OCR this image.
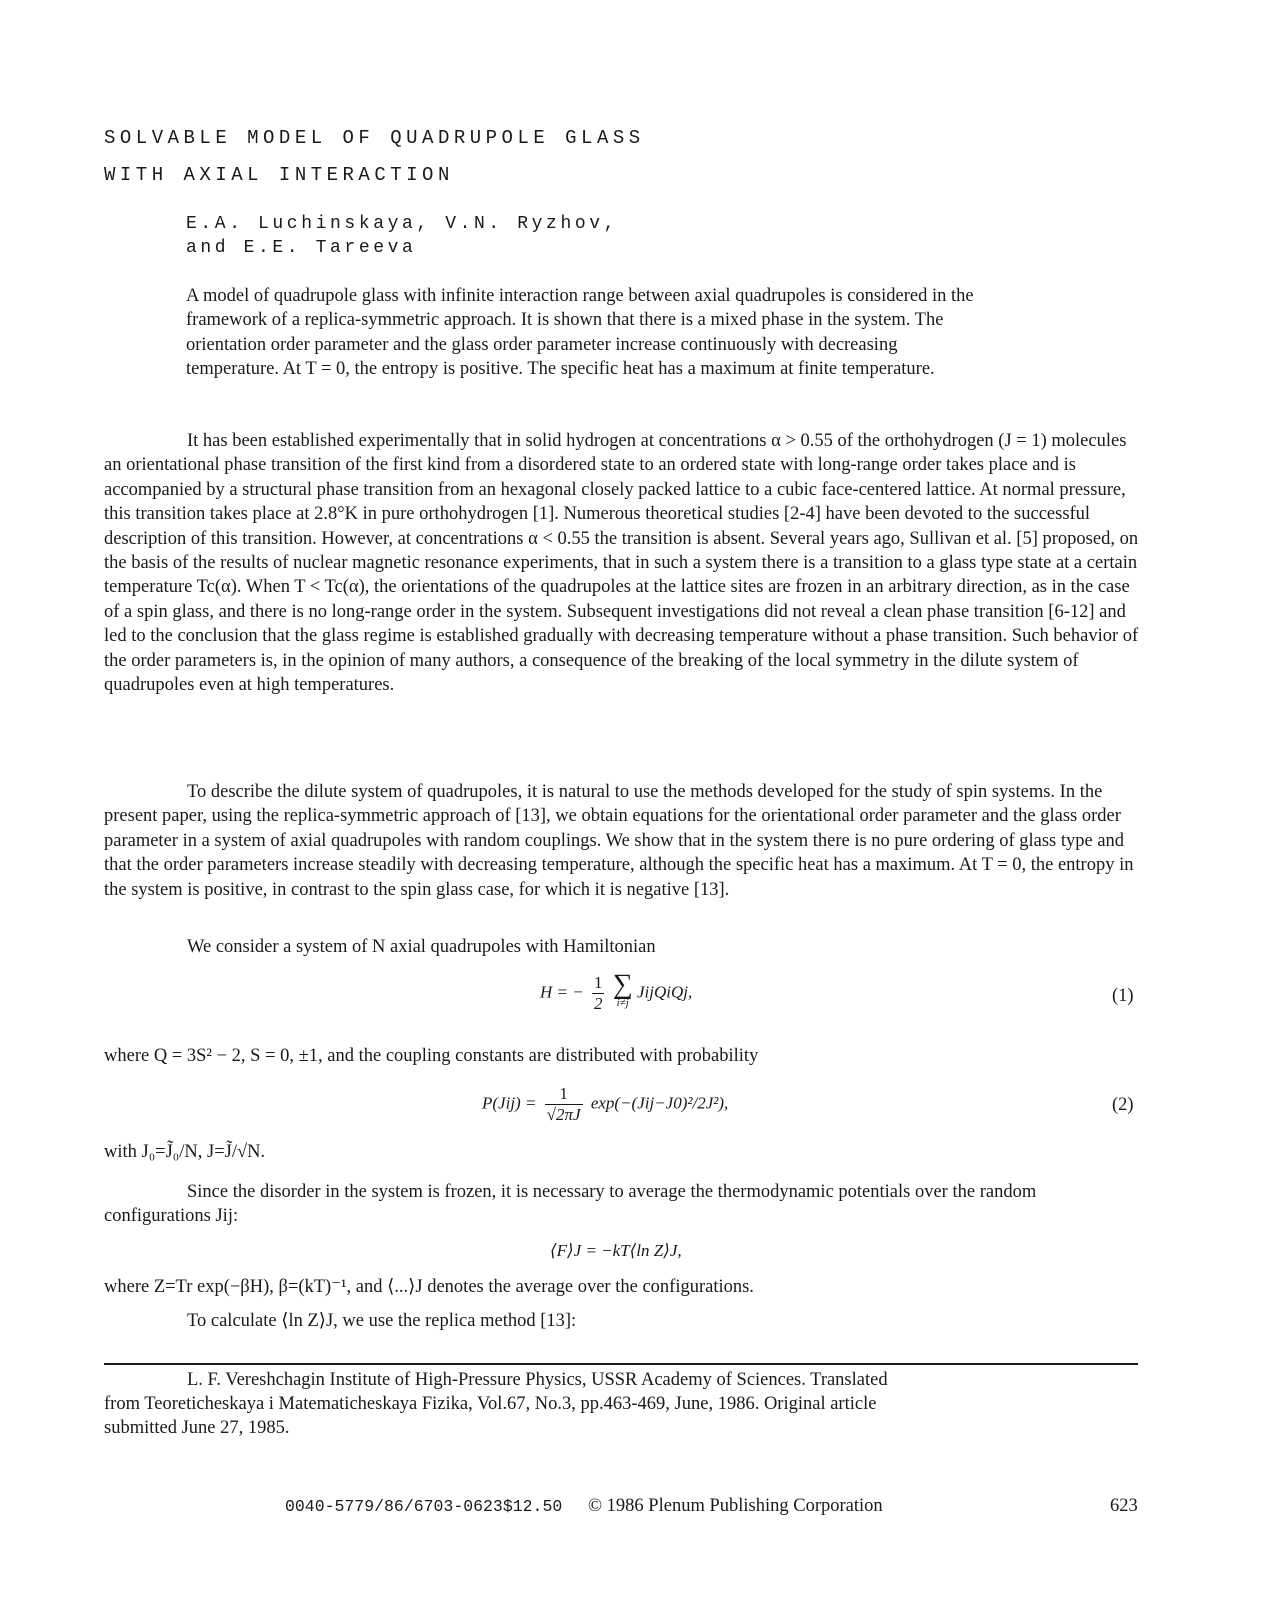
SOLVABLE MODEL OF QUADRUPOLE GLASS
WITH AXIAL INTERACTION
E.A. Luchinskaya, V.N. Ryzhov,
and E.E. Tareeva
A model of quadrupole glass with infinite interaction range between axial quadrupoles is considered in the framework of a replica-symmetric approach. It is shown that there is a mixed phase in the system. The orientation order parameter and the glass order parameter increase continuously with decreasing temperature. At T = 0, the entropy is positive. The specific heat has a maximum at finite temperature.
It has been established experimentally that in solid hydrogen at concentrations α > 0.55 of the orthohydrogen (J = 1) molecules an orientational phase transition of the first kind from a disordered state to an ordered state with long-range order takes place and is accompanied by a structural phase transition from an hexagonal closely packed lattice to a cubic face-centered lattice. At normal pressure, this transition takes place at 2.8°K in pure orthohydrogen [1]. Numerous theoretical studies [2-4] have been devoted to the successful description of this transition. However, at concentrations α < 0.55 the transition is absent. Several years ago, Sullivan et al. [5] proposed, on the basis of the results of nuclear magnetic resonance experiments, that in such a system there is a transition to a glass type state at a certain temperature Tc(α). When T < Tc(α), the orientations of the quadrupoles at the lattice sites are frozen in an arbitrary direction, as in the case of a spin glass, and there is no long-range order in the system. Subsequent investigations did not reveal a clean phase transition [6-12] and led to the conclusion that the glass regime is established gradually with decreasing temperature without a phase transition. Such behavior of the order parameters is, in the opinion of many authors, a consequence of the breaking of the local symmetry in the dilute system of quadrupoles even at high temperatures.
To describe the dilute system of quadrupoles, it is natural to use the methods developed for the study of spin systems. In the present paper, using the replica-symmetric approach of [13], we obtain equations for the orientational order parameter and the glass order parameter in a system of axial quadrupoles with random couplings. We show that in the system there is no pure ordering of glass type and that the order parameters increase steadily with decreasing temperature, although the specific heat has a maximum. At T = 0, the entropy in the system is positive, in contrast to the spin glass case, for which it is negative [13].
We consider a system of N axial quadrupoles with Hamiltonian
H = − $\frac{1}{2}$
∑
i≠j
JijQiQj,	(1)
where Q = 3S² − 2, S = 0, ±1, and the coupling constants are distributed with probability
$P(Jij) = \frac{1}{√2\pi J} \exp(-(Jij-J0)^2/2J^2)$,	(2)
with J₀=J̃₀/N, J=J̃/√N.
Since the disorder in the system is frozen, it is necessary to average the thermodynamic potentials over the random configurations Jij:
⟨F⟩J = −kT⟨ln Z⟩J,
where Z=Tr exp(−βH), β=(kT)⁻¹, and ⟨...⟩J denotes the average over the configurations.
To calculate ⟨ln Z⟩J, we use the replica method [13]:
L. F. Vereshchagin Institute of High-Pressure Physics, USSR Academy of Sciences. Translated
from Teoreticheskaya i Matematicheskaya Fizika, Vol.67, No.3, pp.463-469, June, 1986. Original article
submitted June 27, 1985.
0040-5779/86/6703-0623$12.50 © 1986 Plenum Publishing Corporation	623
